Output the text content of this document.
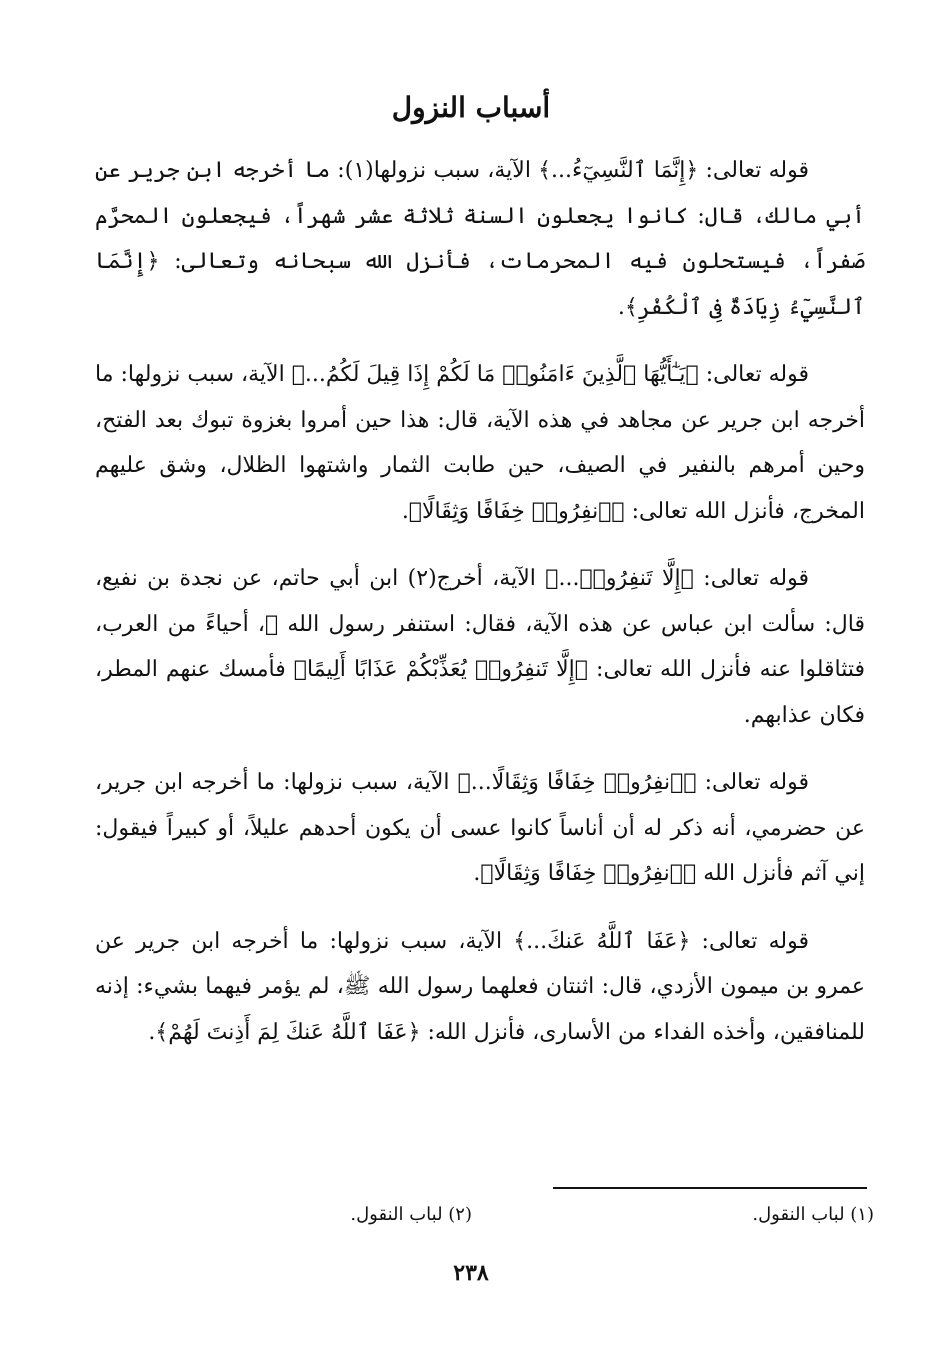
أسباب النزول

قوله تعالى: ﴿إِنَّمَا ٱلنَّسِيٓءُ...﴾ الآية، سبب نزولها(١): ما أخرجه ابن جرير عن أبي مالك، قال: كانوا يجعلون السنة ثلاثة عشر شهراً، فيجعلون المحرَّم صَفراً، فيستحلون فيه المحرمات، فأنزل الله سبحانه وتعالى: ﴿إِنَّمَا ٱلنَّسِيٓءُ زِيَادَةٌ فِى ٱلْكُفْرِ﴾.

قوله تعالى: ﴿يَـٰٓأَيُّهَا ٱلَّذِينَ ءَامَنُوا۟ مَا لَكُمْ إِذَا قِيلَ لَكُمُ...﴾ الآية، سبب نزولها: ما أخرجه ابن جرير عن مجاهد في هذه الآية، قال: هذا حين أمروا بغزوة تبوك بعد الفتح، وحين أمرهم بالنفير في الصيف، حين طابت الثمار واشتهوا الظلال، وشق عليهم المخرج، فأنزل الله تعالى: ﴿ٱنفِرُوا۟ خِفَافًا وَثِقَالًا﴾.

قوله تعالى: ﴿إِلَّا تَنفِرُوا۟...﴾ الآية، أخرج(٢) ابن أبي حاتم، عن نجدة بن نفيع، قال: سألت ابن عباس عن هذه الآية، فقال: استنفر رسول الله ﷺ، أحياءً من العرب، فتثاقلوا عنه فأنزل الله تعالى: ﴿إِلَّا تَنفِرُوا۟ يُعَذِّبْكُمْ عَذَابًا أَلِيمًا﴾ فأمسك عنهم المطر، فكان عذابهم.

قوله تعالى: ﴿ٱنفِرُوا۟ خِفَافًا وَثِقَالًا...﴾ الآية، سبب نزولها: ما أخرجه ابن جرير، عن حضرمي، أنه ذكر له أن أناساً كانوا عسى أن يكون أحدهم عليلاً، أو كبيراً فيقول: إني آثم فأنزل الله ﴿ٱنفِرُوا۟ خِفَافًا وَثِقَالًا﴾.

قوله تعالى: ﴿عَفَا ٱللَّهُ عَنكَ...﴾ الآية، سبب نزولها: ما أخرجه ابن جرير عن عمرو بن ميمون الأزدي، قال: اثنتان فعلهما رسول الله ﷺ، لم يؤمر فيهما بشيء: إذنه للمنافقين، وأخذه الفداء من الأسارى، فأنزل الله: ﴿عَفَا ٱللَّهُ عَنكَ لِمَ أَذِنتَ لَهُمْ﴾.

(١) لباب النقول.
(٢) لباب النقول.
٢٣٨
